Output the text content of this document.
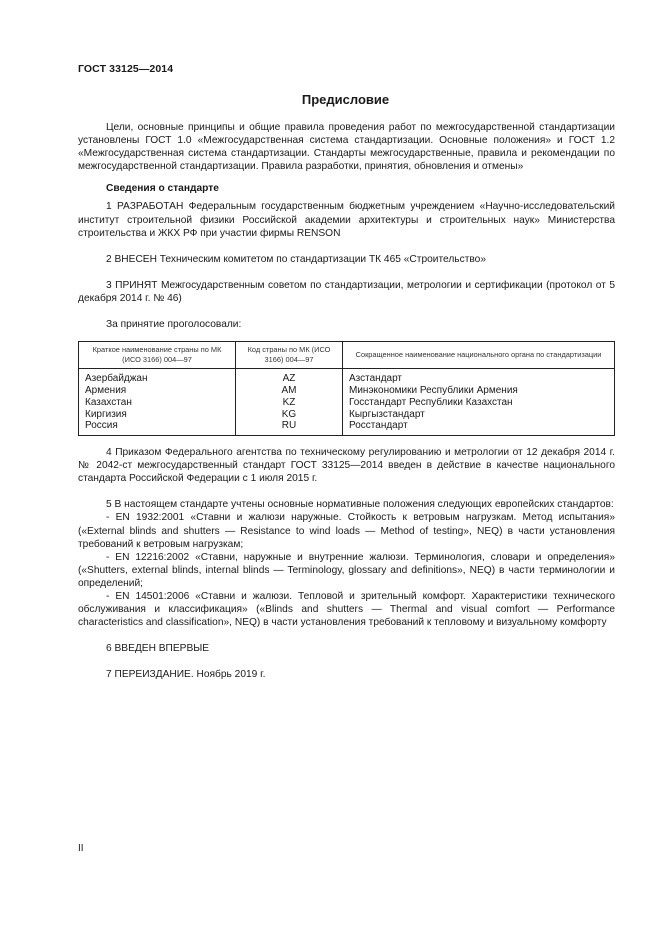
ГОСТ 33125—2014
Предисловие

Цели, основные принципы и общие правила проведения работ по межгосударственной стандартизации установлены ГОСТ 1.0 «Межгосударственная система стандартизации. Основные положения» и ГОСТ 1.2 «Межгосударственная система стандартизации. Стандарты межгосударственные, правила и рекомендации по межгосударственной стандартизации. Правила разработки, принятия, обновления и отмены»

Сведения о стандарте

1 РАЗРАБОТАН Федеральным государственным бюджетным учреждением «Научно-исследовательский институт строительной физики Российской академии архитектуры и строительных наук» Министерства строительства и ЖКХ РФ при участии фирмы RENSON

2 ВНЕСЕН Техническим комитетом по стандартизации ТК 465 «Строительство»

3 ПРИНЯТ Межгосударственным советом по стандартизации, метрологии и сертификации (протокол от 5 декабря 2014 г. № 46)

За принятие проголосовали:

Краткое наименование страны по МК (ИСО 3166) 004—97	Код страны по МК (ИСО 3166) 004—97	Сокращенное наименование национального органа по стандартизации
Азербайджан	AZ	Азстандарт
Армения	AM	Минэкономики Республики Армения
Казахстан	KZ	Госстандарт Республики Казахстан
Киргизия	KG	Кыргызстандарт
Россия	RU	Росстандарт

4 Приказом Федерального агентства по техническому регулированию и метрологии от 12 декабря 2014 г. № 2042-ст межгосударственный стандарт ГОСТ 33125—2014 введен в действие в качестве национального стандарта Российской Федерации с 1 июля 2015 г.

5 В настоящем стандарте учтены основные нормативные положения следующих европейских стандартов:

- EN 1932:2001 «Ставни и жалюзи наружные. Стойкость к ветровым нагрузкам. Метод испытания» («External blinds and shutters — Resistance to wind loads — Method of testing», NEQ) в части установления требований к ветровым нагрузкам;

- EN 12216:2002 «Ставни, наружные и внутренние жалюзи. Терминология, словари и определения» («Shutters, external blinds, internal blinds — Terminology, glossary and definitions», NEQ) в части терминологии и определений;

- EN 14501:2006 «Ставни и жалюзи. Тепловой и зрительный комфорт. Характеристики технического обслуживания и классификация» («Blinds and shutters — Thermal and visual comfort — Performance characteristics and classification», NEQ) в части установления требований к тепловому и визуальному комфорту

6 ВВЕДЕН ВПЕРВЫЕ

7 ПЕРЕИЗДАНИЕ. Ноябрь 2019 г.

II
